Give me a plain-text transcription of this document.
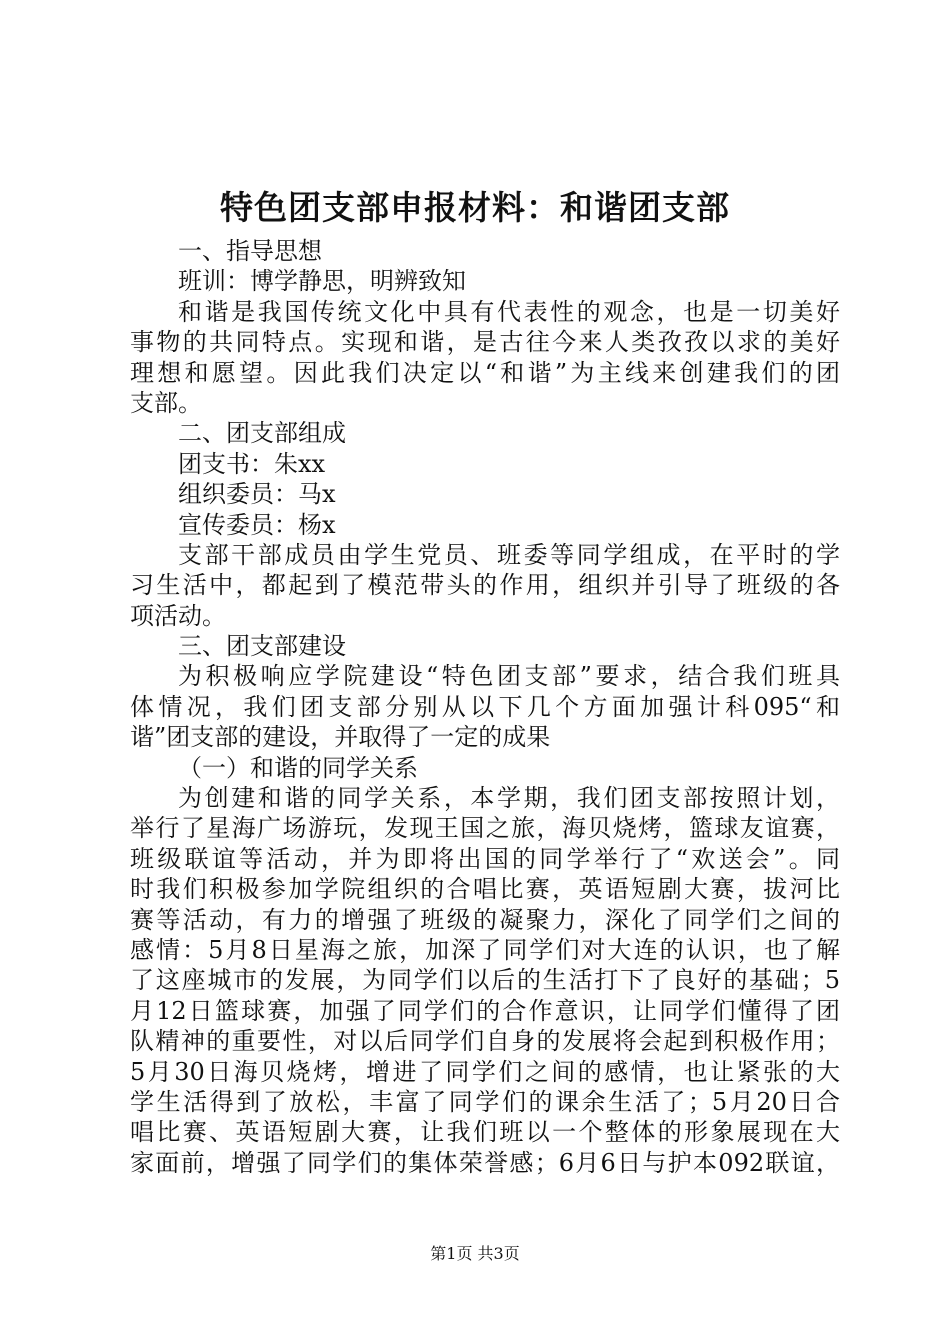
特色团支部申报材料：和谐团支部
一、指导思想
班训：博学静思，明辨致知
和谐是我国传统文化中具有代表性的观念，也是一切美好
事物的共同特点。实现和谐，是古往今来人类孜孜以求的美好
理想和愿望。因此我们决定以“和谐”为主线来创建我们的团
支部。
二、团支部组成
团支书：朱xx
组织委员：马x
宣传委员：杨x
支部干部成员由学生党员、班委等同学组成，在平时的学
习生活中，都起到了模范带头的作用，组织并引导了班级的各
项活动。
三、团支部建设
为积极响应学院建设“特色团支部”要求，结合我们班具
体情况，我们团支部分别从以下几个方面加强计科095“和
谐”团支部的建设，并取得了一定的成果
（一）和谐的同学关系
为创建和谐的同学关系，本学期，我们团支部按照计划，
举行了星海广场游玩，发现王国之旅，海贝烧烤，篮球友谊赛，
班级联谊等活动，并为即将出国的同学举行了“欢送会”。同
时我们积极参加学院组织的合唱比赛，英语短剧大赛，拔河比
赛等活动，有力的增强了班级的凝聚力，深化了同学们之间的
感情：5月8日星海之旅，加深了同学们对大连的认识，也了解
了这座城市的发展，为同学们以后的生活打下了良好的基础；5
月12日篮球赛，加强了同学们的合作意识，让同学们懂得了团
队精神的重要性，对以后同学们自身的发展将会起到积极作用；
5月30日海贝烧烤，增进了同学们之间的感情，也让紧张的大
学生活得到了放松，丰富了同学们的课余生活了；5月20日合
唱比赛、英语短剧大赛，让我们班以一个整体的形象展现在大
家面前，增强了同学们的集体荣誉感；6月6日与护本092联谊，
第1页 共3页
